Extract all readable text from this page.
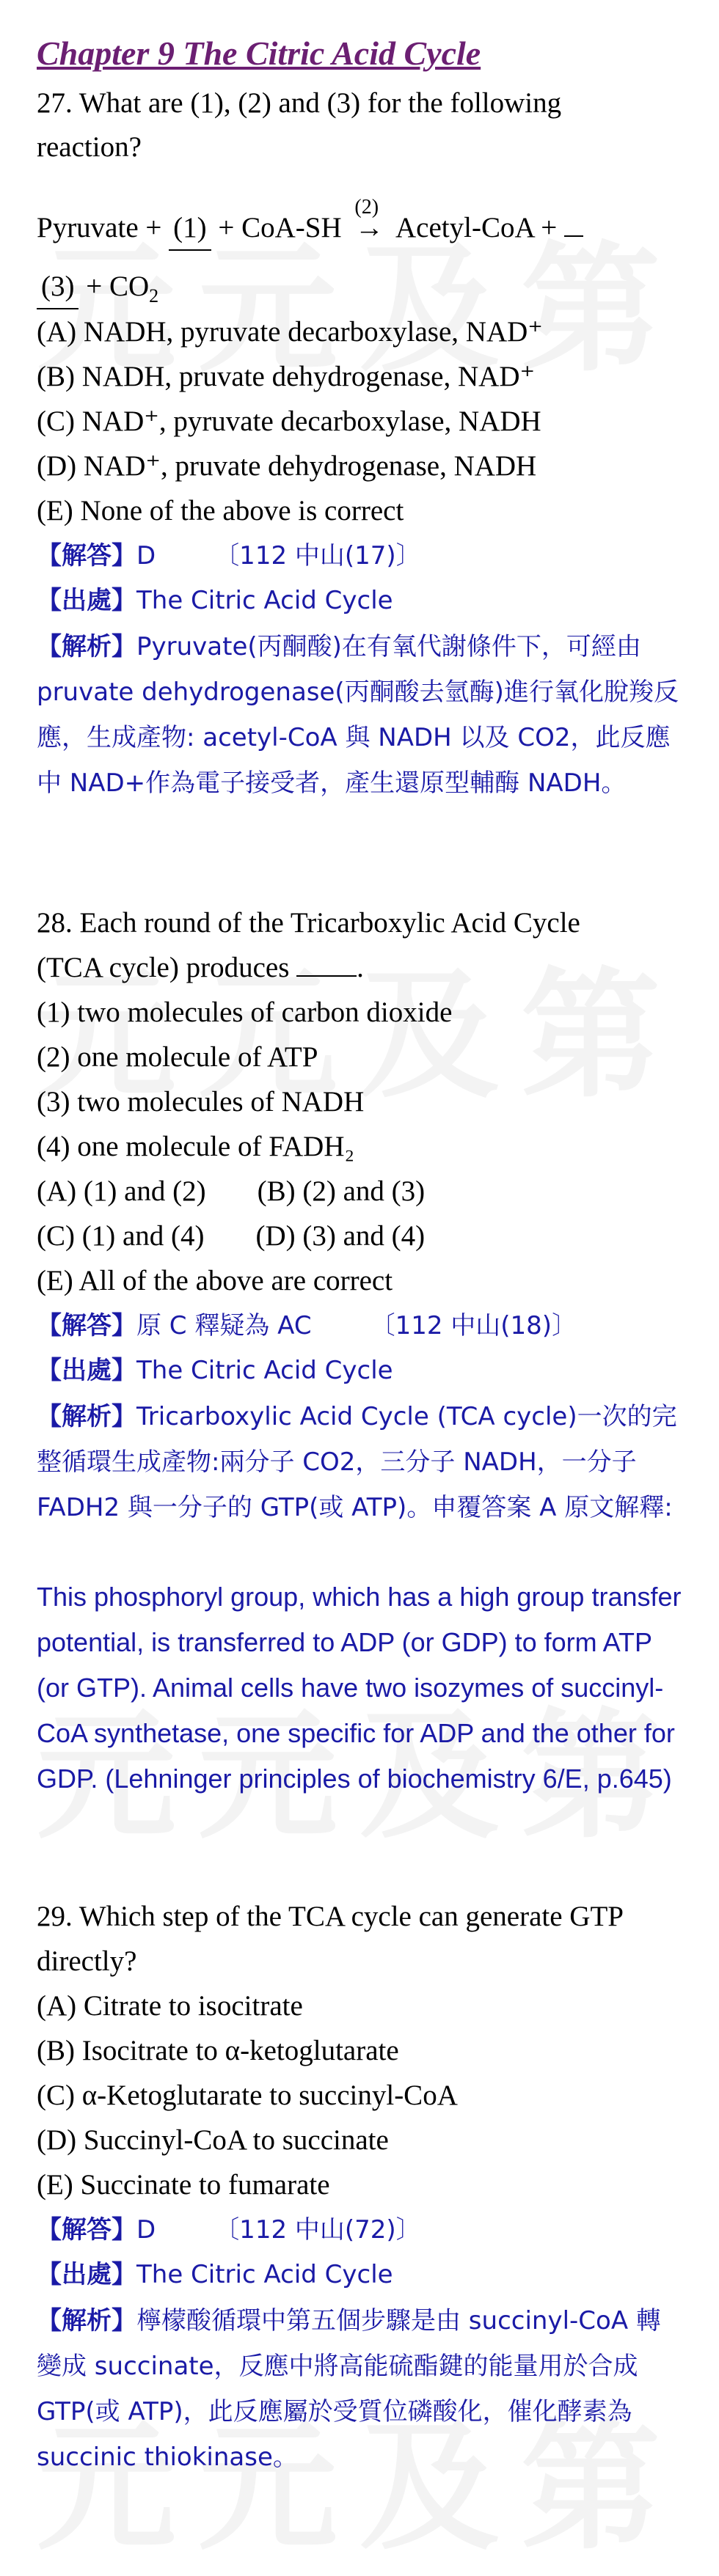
Chapter 9 The Citric Acid Cycle
27. What are (1), (2) and (3) for the following
reaction?
Pyruvate + (1) + CoA-SH
(2)
→ Acetyl-CoA +
$(3) + CO_2$
(A) NADH, pyruvate decarboxylase, NAD⁺
(B) NADH, pruvate dehydrogenase, NAD⁺
(C) NAD⁺, pyruvate decarboxylase, NADH
(D) NAD⁺, pruvate dehydrogenase, NADH
(E) None of the above is correct
【解答】D 〔112 中山(17)〕
【出處】The Citric Acid Cycle
【解析】Pyruvate(丙酮酸)在有氧代謝條件下，可經由 pruvate dehydrogenase(丙酮酸去氫酶)進行氧化脫羧反應，生成產物: acetyl-CoA 與 NADH 以及 CO2，此反應中 NAD+作為電子接受者，產生還原型輔酶 NADH。
28. Each round of the Tricarboxylic Acid Cycle
(TCA cycle) produces .
(1) two molecules of carbon dioxide
(2) one molecule of ATP
(3) two molecules of NADH
(4) one molecule of FADH₂
(A) (1) and (2) (B) (2) and (3)
(C) (1) and (4) (D) (3) and (4)
(E) All of the above are correct
【解答】原 C 釋疑為 AC 〔112 中山(18)〕
【出處】The Citric Acid Cycle
【解析】Tricarboxylic Acid Cycle (TCA cycle)一次的完整循環生成產物:兩分子 CO2，三分子 NADH，一分子 FADH2 與一分子的 GTP(或 ATP)。申覆答案 A 原文解釋:
This phosphoryl group, which has a high group transfer potential, is transferred to ADP (or GDP) to form ATP (or GTP). Animal cells have two isozymes of succinyl-CoA synthetase, one specific for ADP and the other for GDP. (Lehninger principles of biochemistry 6/E, p.645)
29. Which step of the TCA cycle can generate GTP
directly?
(A) Citrate to isocitrate
(B) Isocitrate to α-ketoglutarate
(C) α-Ketoglutarate to succinyl-CoA
(D) Succinyl-CoA to succinate
(E) Succinate to fumarate
【解答】D 〔112 中山(72)〕
【出處】The Citric Acid Cycle
【解析】檸檬酸循環中第五個步驟是由 succinyl-CoA 轉變成 succinate，反應中將高能硫酯鍵的能量用於合成 GTP(或 ATP)，此反應屬於受質位磷酸化，催化酵素為 succinic thiokinase。
